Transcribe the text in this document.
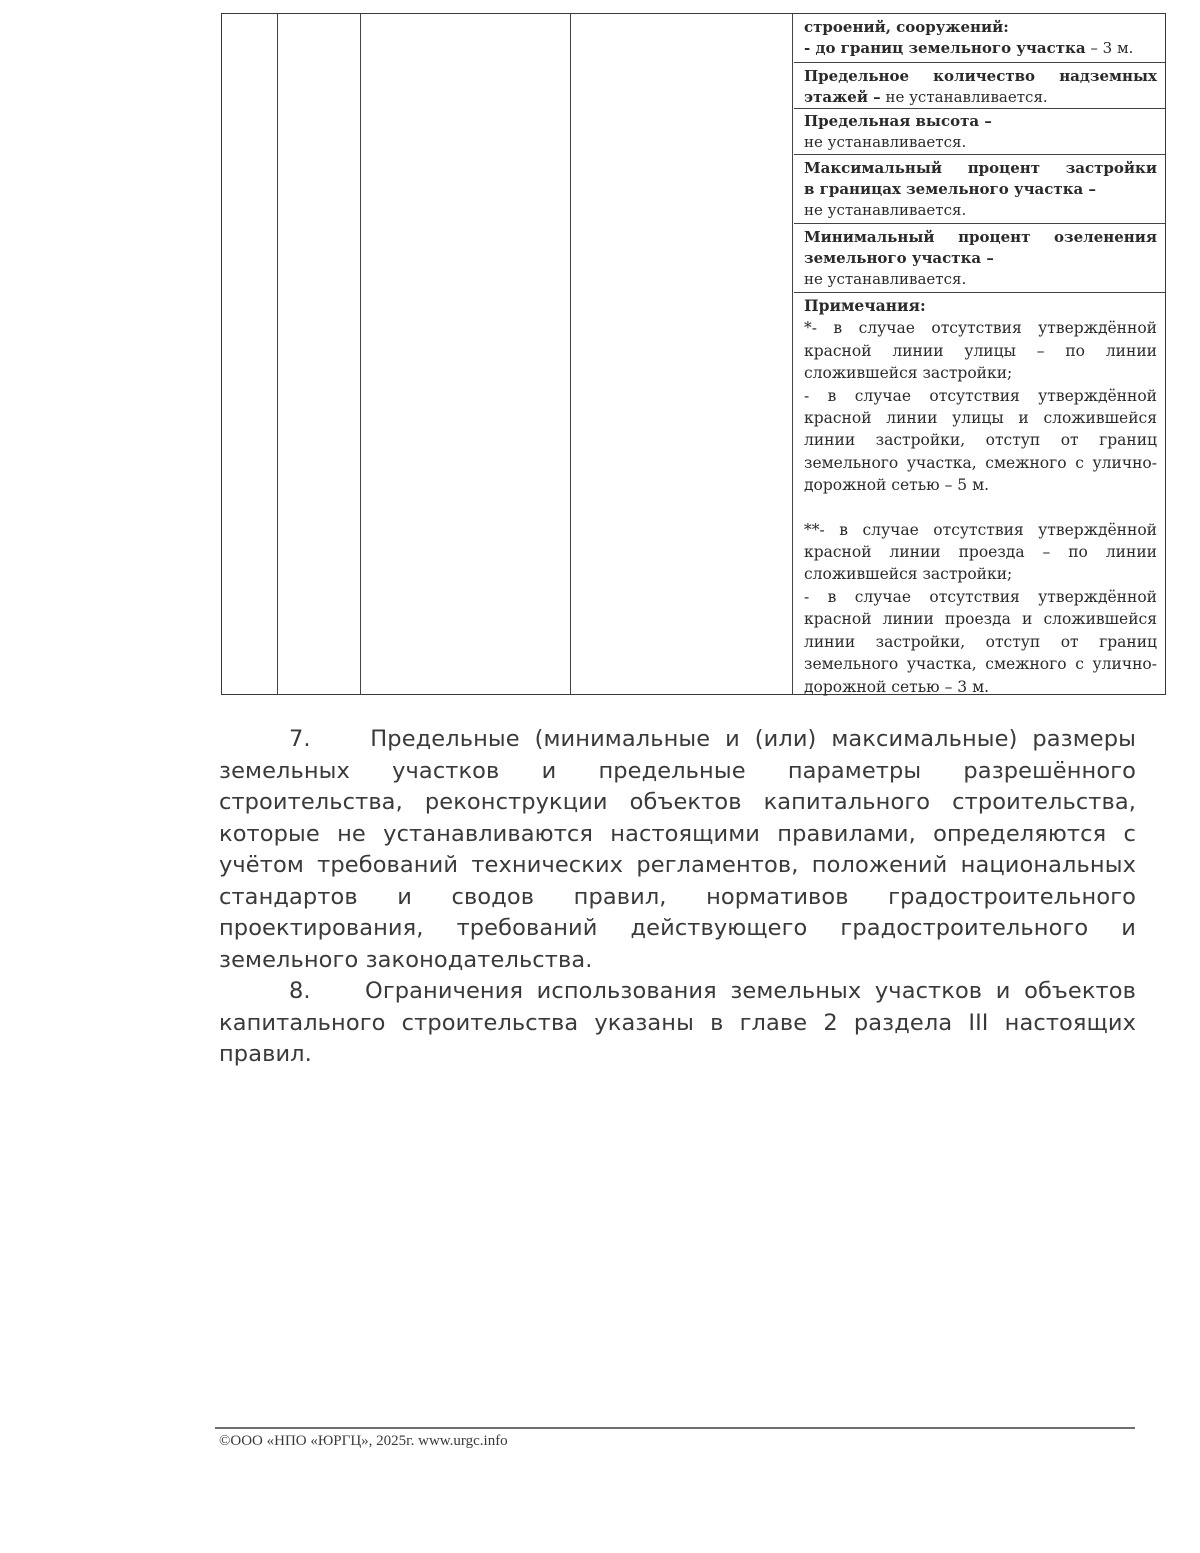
строений, сооружений:

- до границ земельного участка – 3 м.

Предельное количество надземных

этажей – не устанавливается.

Предельная высота –

не устанавливается.

Максимальный процент застройки

в границах земельного участка –

не устанавливается.

Минимальный процент озеленения

земельного участка –

не устанавливается.

Примечания:

*- в случае отсутствия утверждённой красной линии улицы – по линии сложившейся застройки;

- в случае отсутствия утверждённой красной линии улицы и сложившейся линии застройки, отступ от границ земельного участка, смежного с улично-дорожной сетью – 5 м.

**- в случае отсутствия утверждённой красной линии проезда – по линии сложившейся застройки;

- в случае отсутствия утверждённой красной линии проезда и сложившейся линии застройки, отступ от границ земельного участка, смежного с улично-дорожной сетью – 3 м.

7.    Предельные (минимальные и (или) максимальные) размеры земельных участков и предельные параметры разрешённого строительства, реконструкции объектов капитального строительства, которые не устанавливаются настоящими правилами, определяются с учётом требований технических регламентов, положений национальных стандартов и сводов правил, нормативов градостроительного проектирования, требований действующего градостроительного и земельного законодательства.

8.    Ограничения использования земельных участков и объектов капитального строительства указаны в главе 2 раздела III настоящих правил.

©ООО «НПО «ЮРГЦ», 2025г. www.urgc.info
